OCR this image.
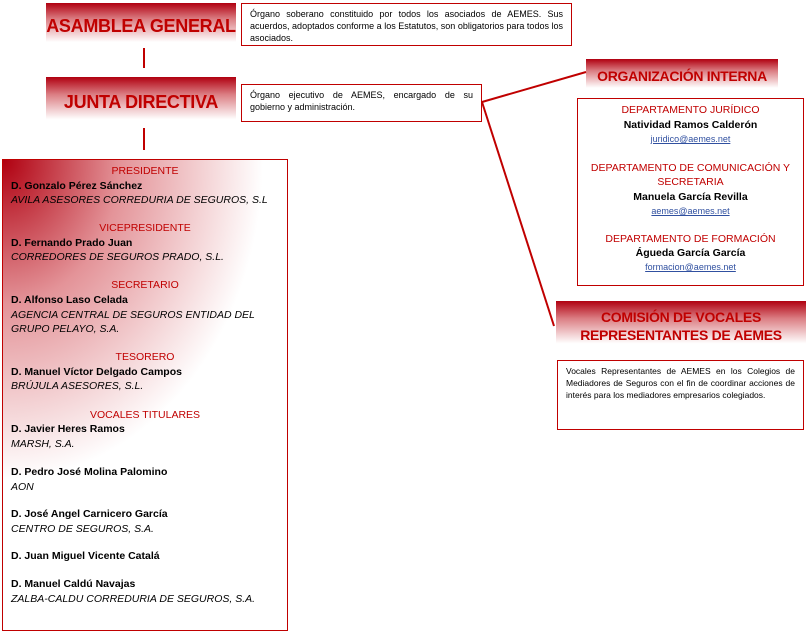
ASAMBLEA GENERAL
Órgano soberano constituido por todos los asociados de AEMES. Sus acuerdos, adoptados conforme a los Estatutos, son obligatorios para todos los asociados.
JUNTA DIRECTIVA	Órgano ejecutivo de AEMES, encargado de su gobierno y administración.
PRESIDENTE
D. Gonzalo Pérez Sánchez
AVILA ASESORES CORREDURIA DE SEGUROS, S.L
VICEPRESIDENTE
D. Fernando Prado Juan
CORREDORES DE SEGUROS PRADO, S.L.
SECRETARIO
D. Alfonso Laso Celada
AGENCIA CENTRAL DE SEGUROS ENTIDAD DEL GRUPO PELAYO, S.A.
TESORERO
D. Manuel Víctor Delgado Campos
BRÚJULA ASESORES, S.L.
VOCALES TITULARES
D. Javier Heres Ramos
MARSH, S.A.
D. Pedro José Molina Palomino
AON
D. José Angel Carnicero García
CENTRO DE SEGUROS, S.A.
D. Juan Miguel Vicente Catalá
D. Manuel Caldú Navajas
ZALBA-CALDU CORREDURIA DE SEGUROS, S.A.
ORGANIZACIÓN INTERNA
DEPARTAMENTO JURÍDICO
Natividad Ramos Calderón
juridico@aemes.net
DEPARTAMENTO DE COMUNICACIÓN Y SECRETARIA
Manuela García Revilla
aemes@aemes.net
DEPARTAMENTO DE FORMACIÓN
Águeda García García
formacion@aemes.net
COMISIÓN DE VOCALES
REPRESENTANTES DE AEMES
Vocales Representantes de AEMES en los Colegios de Mediadores de Seguros con el fin de coordinar acciones de interés para los mediadores empresarios colegiados.
